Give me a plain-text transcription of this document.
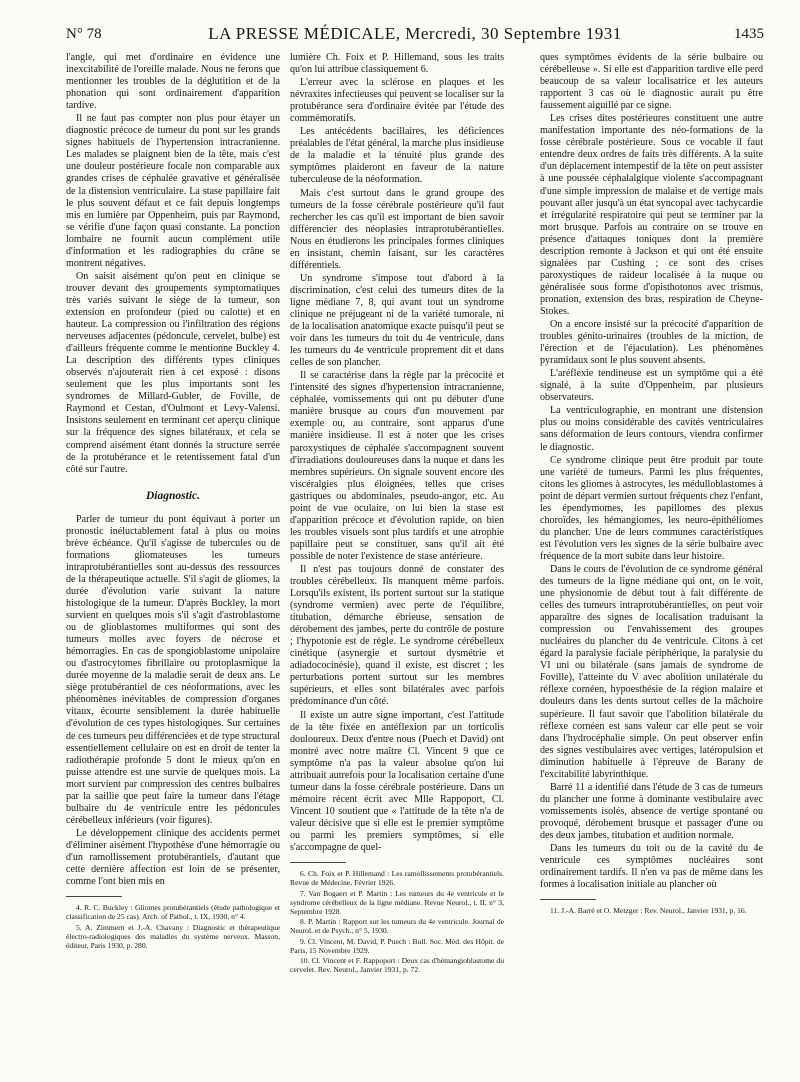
N° 78	LA PRESSE MÉDICALE, Mercredi, 30 Septembre 1931	1435

l'angle, qui met d'ordinaire en évidence une inexcitabilité de l'oreille malade. Nous ne ferons que mentionner les troubles de la déglutition et de la phonation qui sont ordinairement d'apparition tardive.

Il ne faut pas compter non plus pour étayer un diagnostic précoce de tumeur du pont sur les grands signes habituels de l'hypertension intracranienne. Les malades se plaignent bien de la tête, mais c'est une douleur postérieure focale non comparable aux grandes crises de céphalée gravative et généralisée de la distension ventriculaire. La stase papillaire fait le plus souvent défaut et ce fait depuis longtemps mis en lumière par Oppenheim, puis par Raymond, se vérifie d'une façon quasi constante. La ponction lombaire ne fournit aucun complément utile d'information et les radiographies du crâne se montrent négatives.

On saisit aisément qu'on peut en clinique se trouver devant des groupements symptomatiques très variés suivant le siège de la tumeur, son extension en profondeur (pied ou calotte) et en hauteur. La compression ou l'infiltration des régions nerveuses adjacentes (pédoncule, cervelet, bulbe) est d'ailleurs fréquente comme le mentionne Buckley 4. La description des différents types cliniques observés n'ajouterait rien à cet exposé : disons seulement que les plus importants sont les syndromes de Millard-Gubler, de Foville, de Raymond et Cestan, d'Oulmont et Levy-Valensi. Insistons seulement en terminant cet aperçu clinique sur la fréquence des signes bilatéraux, et cela se comprend aisément étant donnés la structure serrée de la protubérance et le retentissement fatal d'un côté sur l'autre.

Diagnostic.

Parler de tumeur du pont équivaut à porter un pronostic inéluctablement fatal à plus ou moins brève échéance. Qu'il s'agisse de tubercules ou de formations gliomateuses les tumeurs intraprotubérantielles sont au-dessus des ressources de la thérapeutique actuelle. S'il s'agit de gliomes, la durée d'évolution varie suivant la nature histologique de la tumeur. D'après Buckley, la mort survient en quelques mois s'il s'agit d'astroblastome ou de glioblastomes multiformes qui sont des tumeurs molles avec foyers de nécrose et hémorragies. En cas de spongioblastome unipolaire ou d'astrocytomes fibrillaire ou protoplasmique la durée moyenne de la maladie serait de deux ans. Le siège protubérantiel de ces néoformations, avec les phénomènes inévitables de compression d'organes vitaux, écourte sensiblement la durée habituelle d'évolution de ces types histologiques. Sur certaines de ces tumeurs peu différenciées et de type structural essentiellement cellulaire on est en droit de tenter la radiothérapie profonde 5 dont le mieux qu'on en puisse attendre est une survie de quelques mois. La mort survient par compression des centres bulbaires par la saillie que peut faire la tumeur dans l'étage bulbaire du 4e ventricule entre les pédoncules cérébelleux inférieurs (voir figures).

Le développement clinique des accidents permet d'éliminer aisément l'hypothèse d'une hémorragie ou d'un ramollissement protubérantiels, d'autant que cette dernière affection est loin de se présenter, comme l'ont bien mis en

4. R. C. Buckley : Gliomes protubérantiels (étude pathologique et classification de 25 cas). Arch. of Pathol., t. IX, 1930, n° 4.

5. A. Zimmern et J.-A. Chavany : Diagnostic et thérapeutique électro-radiologiques des maladies du système nerveux. Masson, éditeur, Paris 1930, p. 280.

lumière Ch. Foix et P. Hillemand, sous les traits qu'on lui attribue classiquement 6.

L'erreur avec la sclérose en plaques et les névraxites infectieuses qui peuvent se localiser sur la protubérance sera d'ordinaire évitée par l'étude des commémoratifs.

Les antécédents bacillaires, les déficiences préalables de l'état général, la marche plus insidieuse de la maladie et la ténuité plus grande des symptômes plaideront en faveur de la nature tuberculeuse de la néoformation.

Mais c'est surtout dans le grand groupe des tumeurs de la fosse cérébrale postérieure qu'il faut rechercher les cas qu'il est important de bien savoir différencier des néoplasies intraprotubérantielles. Nous en étudierons les principales formes cliniques en insistant, chemin faisant, sur les caractères différentiels.

Un syndrome s'impose tout d'abord à la discrimination, c'est celui des tumeurs dites de la ligne médiane 7, 8, qui avant tout un syndrome clinique ne préjugeant ni de la variété tumorale, ni de la localisation anatomique exacte puisqu'il peut se voir dans les tumeurs du toit du 4e ventricule, dans les tumeurs du 4e ventricule proprement dit et dans celles de son plancher.

Il se caractérise dans la règle par la précocité et l'intensité des signes d'hypertension intracranienne, céphalée, vomissements qui ont pu débuter d'une manière brusque au cours d'un mouvement par exemple ou, au contraire, sont apparus d'une manière insidieuse. Il est à noter que les crises paroxystiques de céphalée s'accompagnent souvent d'irradiations douloureuses dans la nuque et dans les membres supérieurs. On signale souvent encore des viscéralgies plus éloignées, telles que crises gastriques ou abdominales, pseudo-angor, etc. Au point de vue oculaire, on lui bien la stase est d'apparition précoce et d'évolution rapide, on bien les troubles visuels sont plus tardifs et une atrophie papillaire peut se constituer, sans qu'il ait été possible de noter l'existence de stase antérieure.

Il n'est pas toujours donné de constater des troubles cérébelleux. Ils manquent même parfois. Lorsqu'ils existent, ils portent surtout sur la statique (syndrome vermien) avec perte de l'équilibre, titubation, démarche ébrieuse, sensation de dérobement des jambes, perte du contrôle de posture ; l'hypotonie est de règle. Le syndrome cérébelleux cinétique (asynergie et surtout dysmétrie et adiadococinésie), quand il existe, est discret ; les perturbations portent surtout sur les membres supérieurs, et elles sont bilatérales avec parfois prédominance d'un côté.

Il existe un autre signe important, c'est l'attitude de la tête fixée en antéflexion par un torticolis douloureux. Deux d'entre nous (Puech et David) ont montré avec notre maître Cl. Vincent 9 que ce symptôme n'a pas la valeur absolue qu'on lui attribuait autrefois pour la localisation certaine d'une tumeur dans la fosse cérébrale postérieure. Dans un mémoire récent écrit avec Mlle Rappoport, Cl. Vincent 10 soutient que « l'attitude de la tête n'a de valeur décisive que si elle est le premier symptôme ou parmi les premiers symptômes, si elle s'accompagne de quel-

6. Ch. Foix et P. Hillemand : Les ramollissements protubérantiels. Revue de Médecine, Février 1926.

7. Van Bogaert et P. Martin : Les tumeurs du 4e ventricule et le syndrome cérébelleux de la ligne médiane. Revue Neurol., t. II, n° 3, Septembre 1928.

8. P. Martin : Rapport sur les tumeurs du 4e ventricule. Journal de Neurol. et de Psych., n° 5, 1930.

9. Cl. Vincent, M. David, P. Puech : Bull. Soc. Méd. des Hôpit. de Paris, 15 Novembre 1929.

10. Cl. Vincent et F. Rappoport : Deux cas d'hémangioblastome du cervelet. Rev. Neurol., Janvier 1931, p. 72.

ques symptômes évidents de la série bulbaire ou cérébelleuse ». Si elle est d'apparition tardive elle perd beaucoup de sa valeur localisatrice et les auteurs rapportent 3 cas où le diagnostic aurait pu être faussement aiguillé par ce signe.

Les crises dites postérieures constituent une autre manifestation importante des néo-formations de la fosse cérébrale postérieure. Sous ce vocable il faut entendre deux ordres de faits très différents. A la suite d'un déplacement intempestif de la tête on peut assister à une poussée céphalalgique violente s'accompagnant d'une simple impression de malaise et de vertige mais pouvant aller jusqu'à un état syncopal avec tachycardie et irrégularité respiratoire qui peut se terminer par la mort brusque. Parfois au contraire on se trouve en présence d'attaques toniques dont la première description remonte à Jackson et qui ont été ensuite signalées par Cushing ; ce sont des crises paroxystiques de raideur localisée à la nuque ou généralisée sous forme d'opisthotonos avec trismus, pronation, extension des bras, respiration de Cheyne-Stokes.

On a encore insisté sur la précocité d'apparition de troubles génito-urinaires (troubles de la miction, de l'érection et de l'éjaculation). Les phénomènes pyramidaux sont le plus souvent absents.

L'aréflexie tendineuse est un symptôme qui a été signalé, à la suite d'Oppenheim, par plusieurs observateurs.

La ventriculographie, en montrant une distension plus ou moins considérable des cavités ventriculaires sans déformation de leurs contours, viendra confirmer le diagnostic.

Ce syndrome clinique peut être produit par toute une variété de tumeurs. Parmi les plus fréquentes, citons les gliomes à astrocytes, les médulloblastomes à point de départ vermien surtout fréquents chez l'enfant, les épendymomes, les papillomes des plexus choroïdes, les hémangiomes, les neuro-épithéliomes du plancher. Une de leurs communes caractéristiques est l'évolution vers les signes de la série bulbaire avec fréquence de la mort subite dans leur histoire.

Dans le cours de l'évolution de ce syndrome général des tumeurs de la ligne médiane qui ont, on le voit, une physionomie de début tout à fait différente de celles des tumeurs intraprotubérantielles, on peut voir apparaître des signes de localisation traduisant la compression ou l'envahissement des groupes nucléaires du plancher du 4e ventricule. Citons à cet égard la paralysie faciale périphérique, la paralysie du VI uni ou bilatérale (sans jamais de syndrome de Foville), l'atteinte du V avec abolition unilatérale du réflexe cornéen, hypoesthésie de la région malaire et douleurs dans les dents surtout celles de la mâchoire supérieure. Il faut savoir que l'abolition bilatérale du réflexe cornéen est sans valeur car elle peut se voir dans l'hydrocéphalie simple. On peut observer enfin des signes vestibulaires avec vertiges, latéropulsion et diminution habituelle à l'épreuve de Barany de l'excitabilité labyrinthique.

Barré 11 a identifié dans l'étude de 3 cas de tumeurs du plancher une forme à dominante vestibulaire avec vomissements isolés, absence de vertige spontané ou provoqué, dérobement brusque et passager d'une ou des deux jambes, titubation et audition normale.

Dans les tumeurs du toit ou de la cavité du 4e ventricule ces symptômes nucléaires sont ordinairement tardifs. Il n'en va pas de même dans les formes à localisation initiale au plancher où

11. J.-A. Barré et O. Metzger : Rev. Neurol., Janvier 1931, p. 16.
